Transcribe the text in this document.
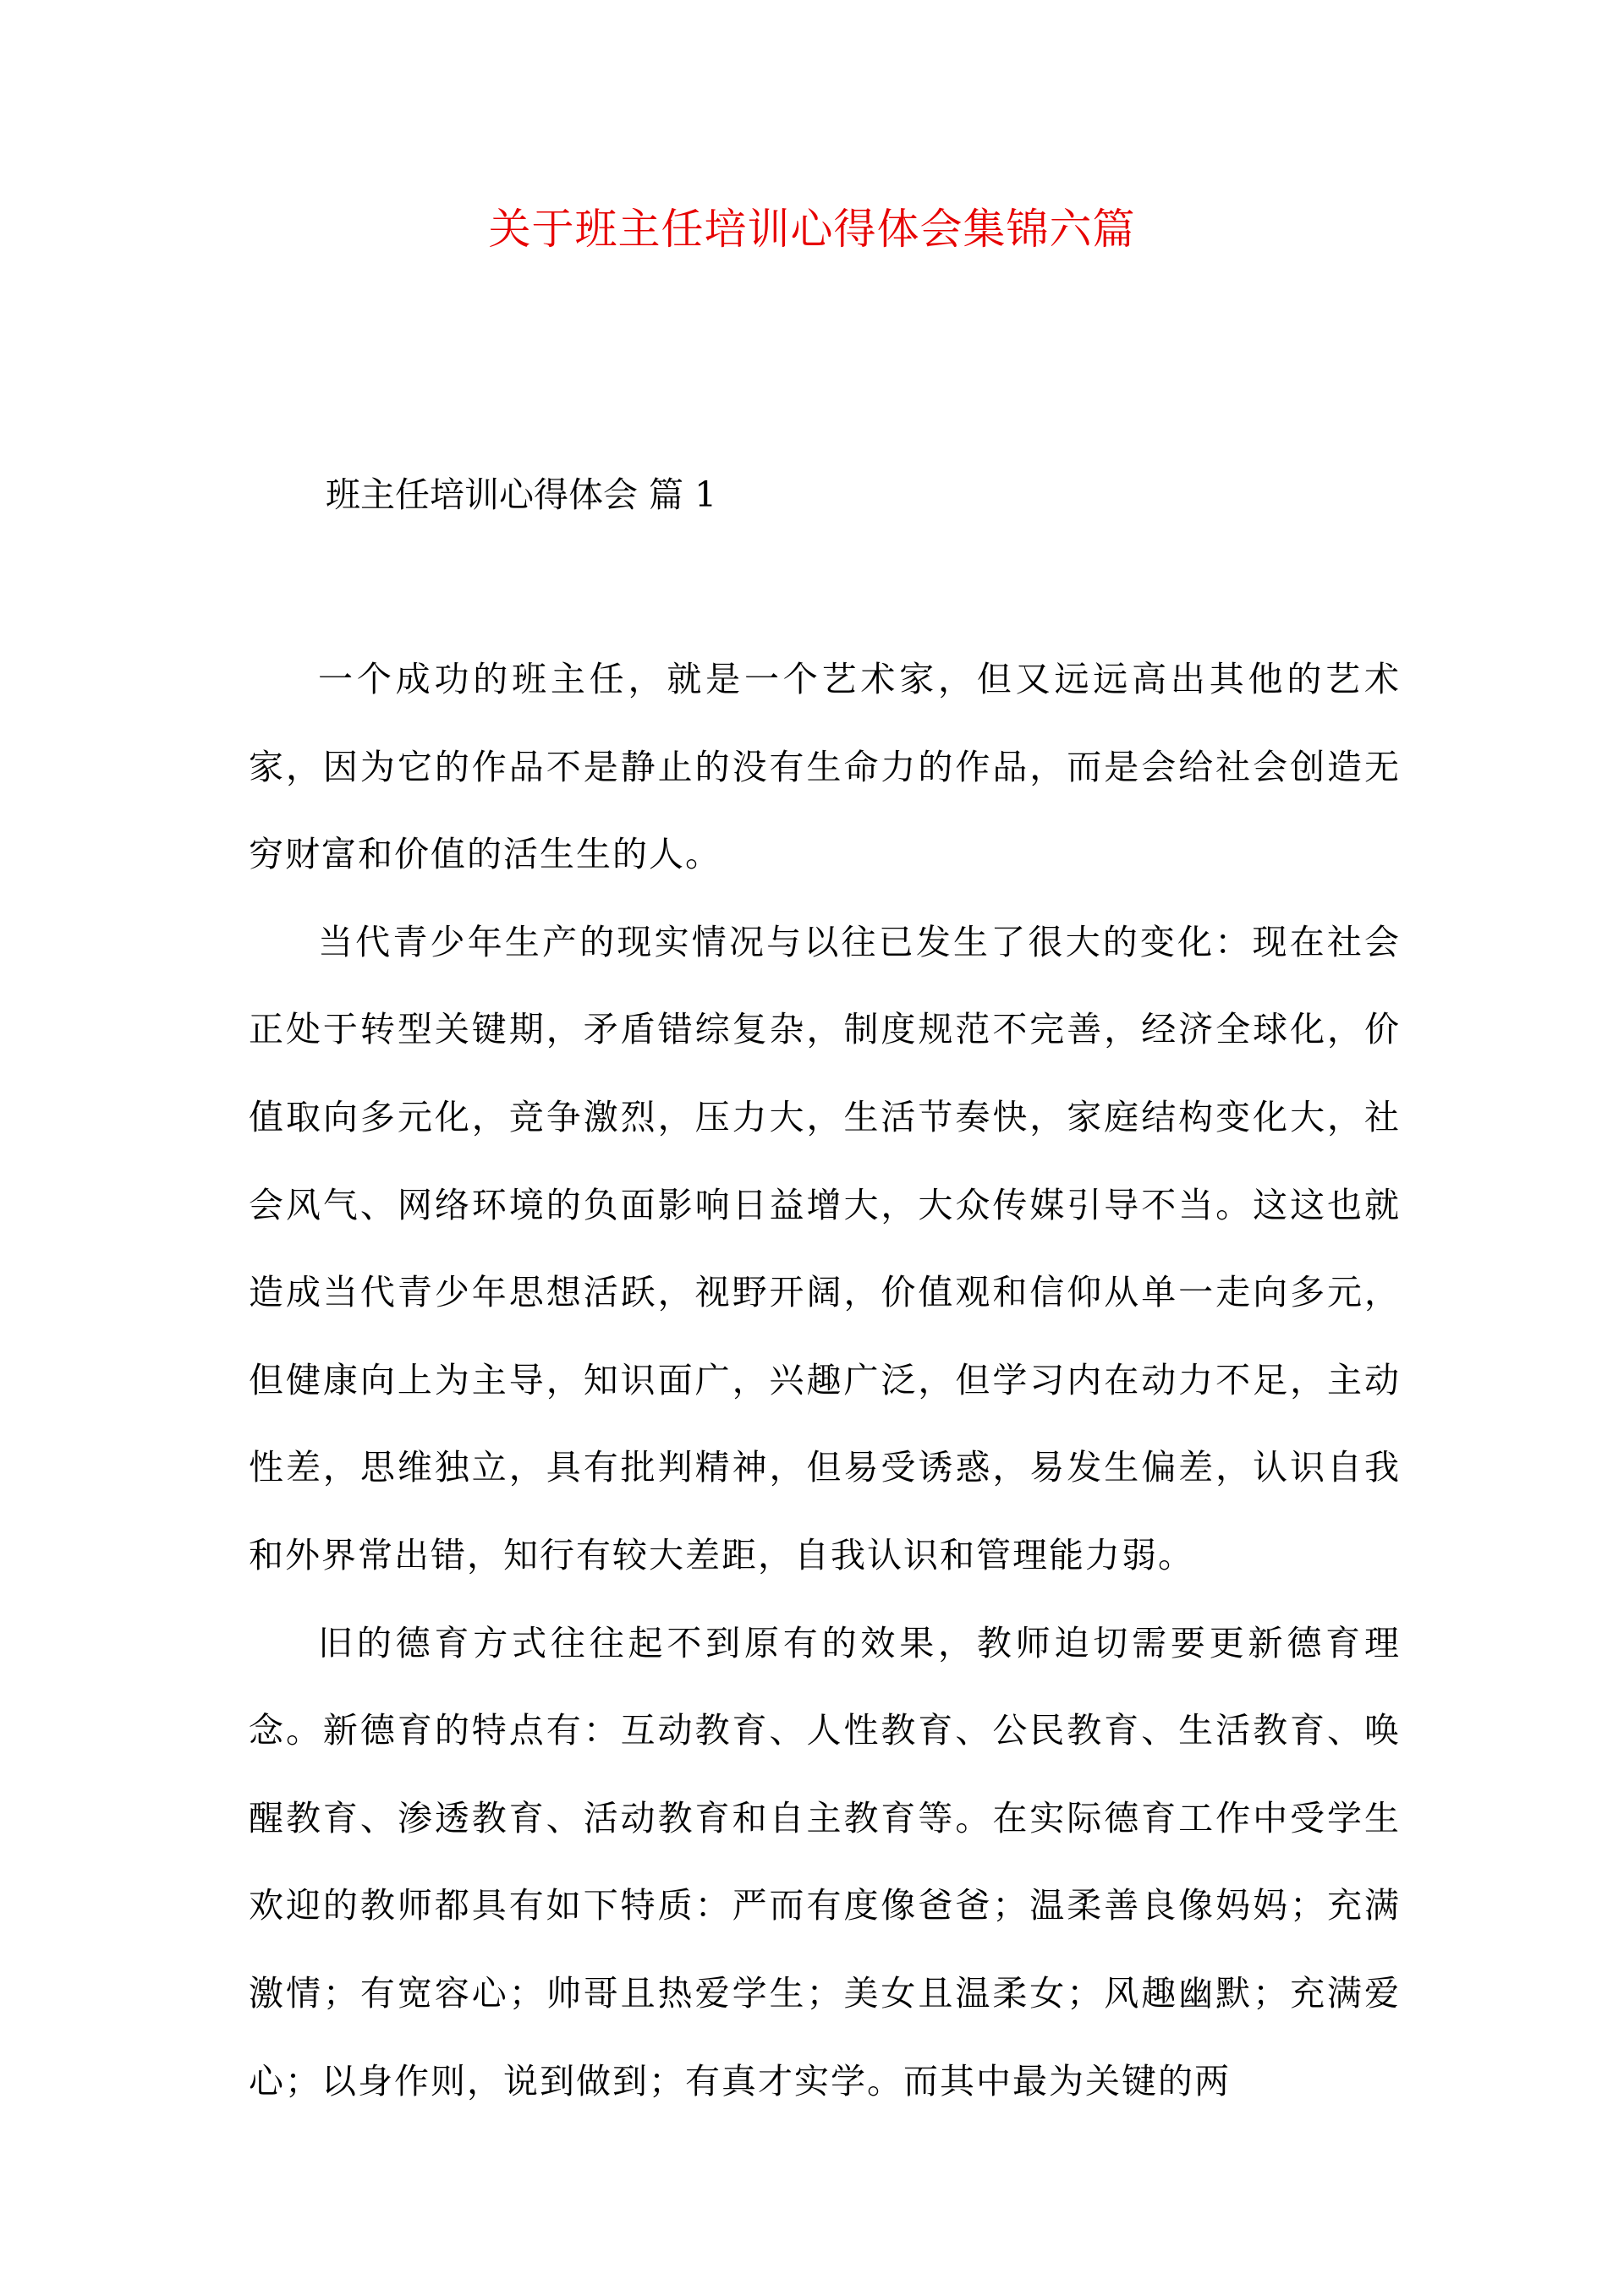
关于班主任培训心得体会集锦六篇
班主任培训心得体会 篇 1

一个成功的班主任，就是一个艺术家，但又远远高出其他的艺术家，因为它的作品不是静止的没有生命力的作品，而是会给社会创造无穷财富和价值的活生生的人。

当代青少年生产的现实情况与以往已发生了很大的变化：现在社会正处于转型关键期，矛盾错综复杂，制度规范不完善，经济全球化，价值取向多元化，竞争激烈，压力大，生活节奏快，家庭结构变化大，社会风气、网络环境的负面影响日益增大，大众传媒引导不当。这这也就造成当代青少年思想活跃，视野开阔，价值观和信仰从单一走向多元，但健康向上为主导，知识面广，兴趣广泛，但学习内在动力不足，主动性差，思维独立，具有批判精神，但易受诱惑，易发生偏差，认识自我和外界常出错，知行有较大差距，自我认识和管理能力弱。

旧的德育方式往往起不到原有的效果，教师迫切需要更新德育理念。新德育的特点有：互动教育、人性教育、公民教育、生活教育、唤醒教育、渗透教育、活动教育和自主教育等。在实际德育工作中受学生欢迎的教师都具有如下特质：严而有度像爸爸；温柔善良像妈妈；充满激情；有宽容心；帅哥且热爱学生；美女且温柔女；风趣幽默；充满爱心；以身作则，说到做到；有真才实学。而其中最为关键的两
